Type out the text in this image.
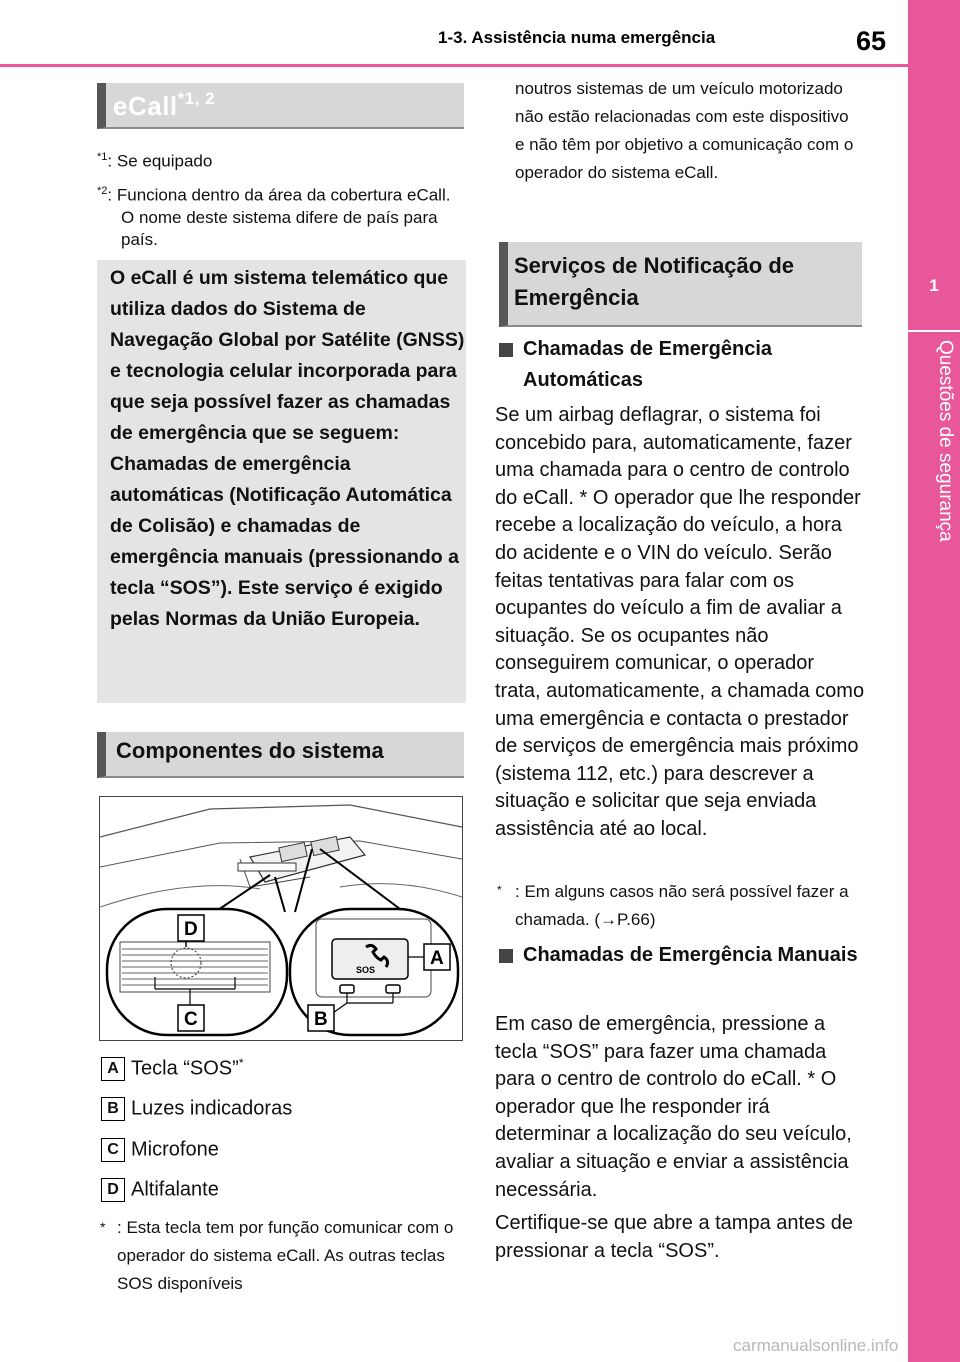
1-3. Assistência numa emergência	65
1
Questões de segurança
eCall$^{*1, 2}$
$^{*1}$: Se equipado
$^{*2}$: Funciona dentro da área da cobertura eCall. O nome deste sistema difere de país para país.
O eCall é um sistema telemático que utiliza dados do Sistema de Navegação Global por Satélite (GNSS) e tecnologia celular incorporada para que seja possível fazer as chamadas de emergência que se seguem: Chamadas de emergência automáticas (Notificação Automática de Colisão) e chamadas de emergência manuais (pressionando a tecla “SOS”). Este serviço é exigido pelas Normas da União Europeia.
Componentes do sistema
SOS
D
C
A
B
A Tecla “SOS”*
B Luzes indicadoras
C Microfone
D Altifalante
* : Esta tecla tem por função comunicar com o operador do sistema eCall. As outras teclas SOS disponíveis
noutros sistemas de um veículo motorizado não estão relacionadas com este dispositivo e não têm por objetivo a comunicação com o operador do sistema eCall.
Serviços de Notificação de Emergência
Chamadas de Emergência Automáticas
Se um airbag deflagrar, o sistema foi concebido para, automaticamente, fazer uma chamada para o centro de controlo do eCall. * O operador que lhe responder recebe a localização do veículo, a hora do acidente e o VIN do veículo. Serão feitas tentativas para falar com os ocupantes do veículo a fim de avaliar a situação. Se os ocupantes não conseguirem comunicar, o operador trata, automaticamente, a chamada como uma emergência e contacta o prestador de serviços de emergência mais próximo (sistema 112, etc.) para descrever a situação e solicitar que seja enviada assistência até ao local.
* : Em alguns casos não será possível fazer a chamada. (→P.66)
Chamadas de Emergência Manuais
Em caso de emergência, pressione a tecla “SOS” para fazer uma chamada para o centro de controlo do eCall. * O operador que lhe responder irá determinar a localização do seu veículo, avaliar a situação e enviar a assistência necessária.
Certifique-se que abre a tampa antes de pressionar a tecla “SOS”.
carmanualsonline.info
